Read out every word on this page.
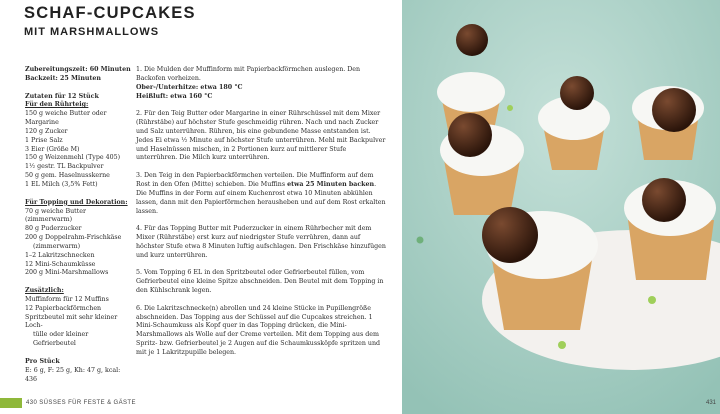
SCHAF-CUPCAKES
MIT MARSHMALLOWS
Zubereitungszeit: 60 Minuten
Backzeit: 25 Minuten
Zutaten für 12 Stück
Für den Rührteig:
150 g weiche Butter oder Margarine
120 g Zucker
1 Prise Salz
3 Eier (Größe M)
150 g Weizenmehl (Type 405)
1½ gestr. TL Backpulver
50 g gem. Haselnusskerne
1 EL Milch (3,5% Fett)
Für Topping und Dekoration:
70 g weiche Butter (zimmerwarm)
80 g Puderzucker
200 g Doppelrahm-Frischkäse
(zimmerwarm)
1–2 Lakritzschnecken
12 Mini-Schaumküsse
200 g Mini-Marshmallows
Zusätzlich:
Muffinform für 12 Muffins
12 Papierbackförmchen
Spritzbeutel mit sehr kleiner Loch-
tülle oder kleiner Gefrierbeutel
Pro Stück
E: 6 g, F: 25 g, Kh: 47 g, kcal: 436
1. Die Mulden der Muffinform mit Papierbackförmchen auslegen. Den Backofen vorheizen.
Ober-/Unterhitze: etwa 180 °C
Heißluft: etwa 160 °C
2. Für den Teig Butter oder Margarine in einer Rührschüssel mit dem Mixer (Rührstäbe) auf höchster Stufe geschmeidig rühren. Nach und nach Zucker und Salz unterrühren. Rühren, bis eine gebundene Masse entstanden ist. Jedes Ei etwa ½ Minute auf höchster Stufe unterrühren. Mehl mit Backpulver und Haselnüssen mischen, in 2 Portionen kurz auf mittlerer Stufe unterrühren. Die Milch kurz unterrühren.
3. Den Teig in den Papierbackförmchen verteilen. Die Muffinform auf dem Rost in den Ofen (Mitte) schieben. Die Muffins etwa 25 Minuten backen. Die Muffins in der Form auf einem Kuchenrost etwa 10 Minuten abkühlen lassen, dann mit den Papierförmchen herausheben und auf dem Rost erkalten lassen.
4. Für das Topping Butter mit Puderzucker in einem Rührbecher mit dem Mixer (Rührstäbe) erst kurz auf niedrigster Stufe verrühren, dann auf höchster Stufe etwa 8 Minuten luftig aufschlagen. Den Frischkäse hinzufügen und kurz unterrühren.
5. Vom Topping 6 EL in den Spritzbeutel oder Gefrierbeutel füllen, vom Gefrierbeutel eine kleine Spitze abschneiden. Den Beutel mit dem Topping in den Kühlschrank legen.
6. Die Lakritzschnecke(n) abrollen und 24 kleine Stücke in Pupillengröße abschneiden. Das Topping aus der Schüssel auf die Cupcakes streichen. 1 Mini-Schaumkuss als Kopf quer in das Topping drücken, die Mini-Marshmallows als Wolle auf der Creme verteilen. Mit dem Topping aus dem Spritz- bzw. Gefrierbeutel je 2 Augen auf die Schaumkussköpfe spritzen und mit je 1 Lakritzpupille belegen.
430 SÜSSES FÜR FESTE & GÄSTE	431
